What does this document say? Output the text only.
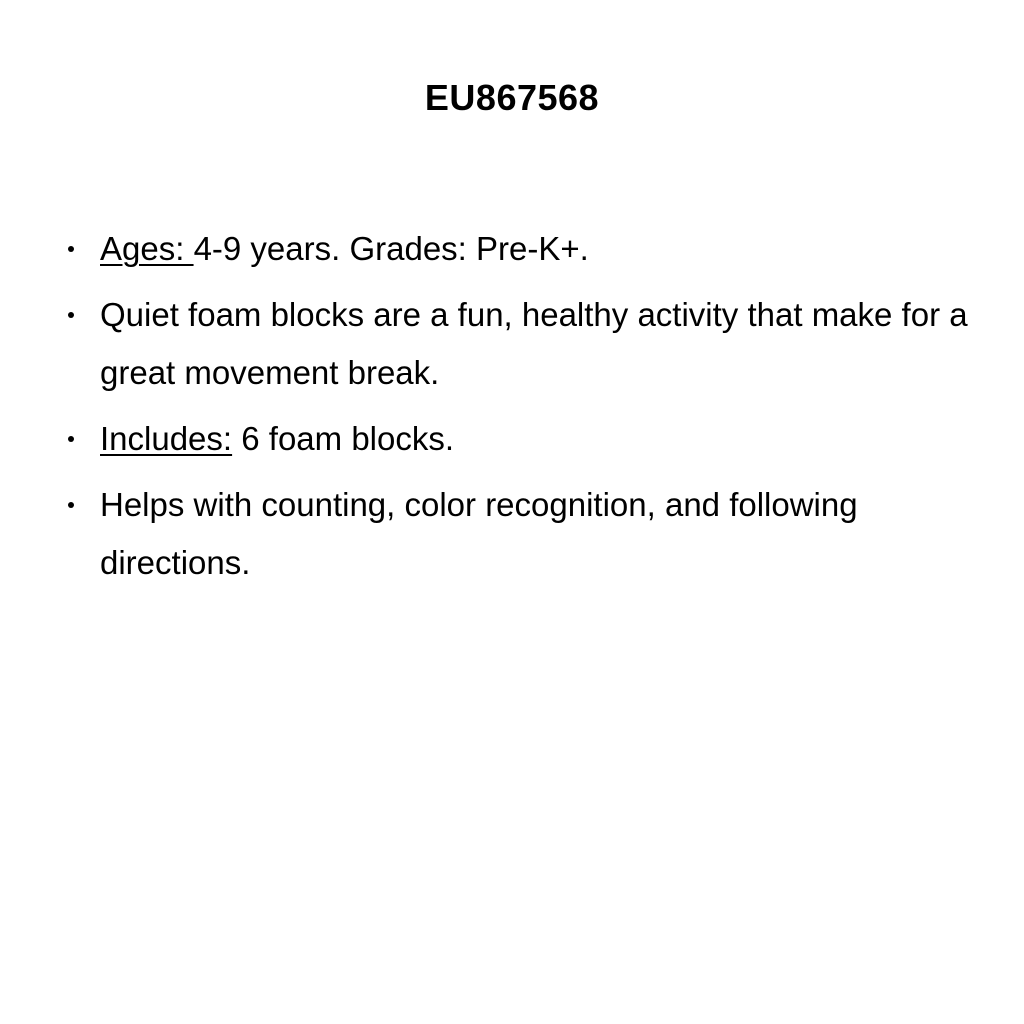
EU867568
Ages: 4-9 years. Grades: Pre-K+.
Quiet foam blocks are a fun, healthy activity that make for a great movement break.
Includes: 6 foam blocks.
Helps with counting, color recognition, and following directions.
